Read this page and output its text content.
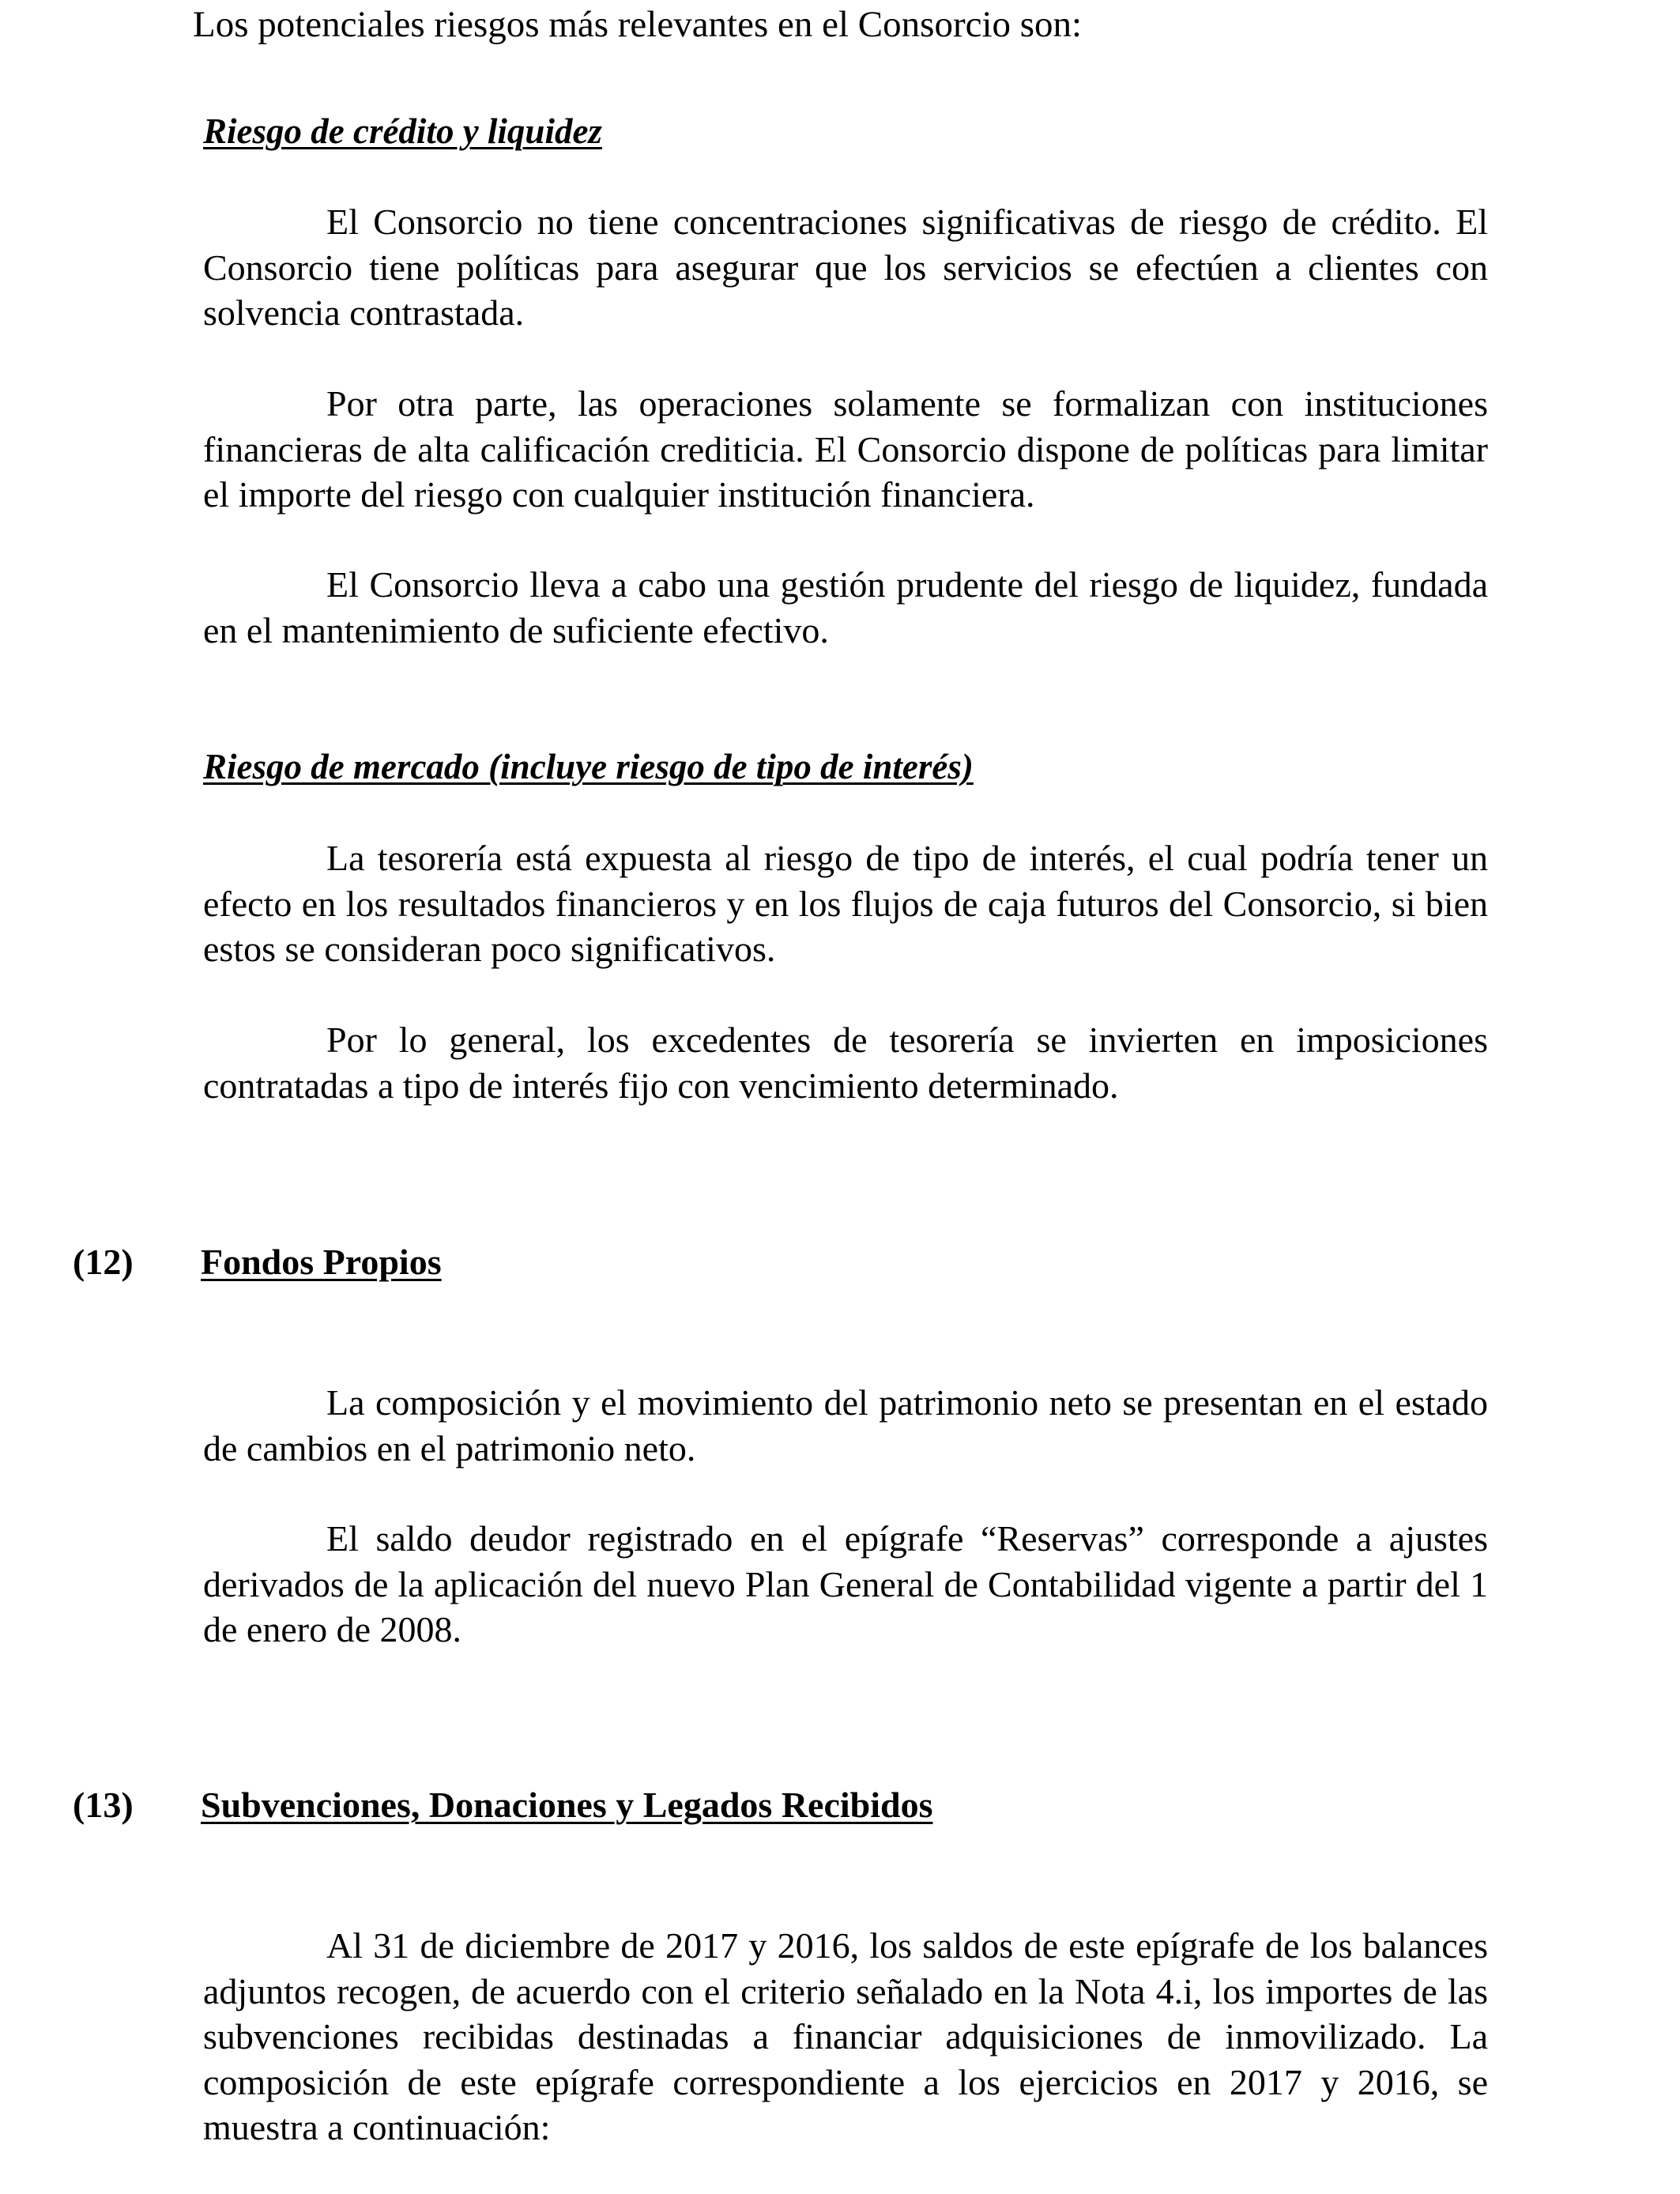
Los potenciales riesgos más relevantes en el Consorcio son:

Riesgo de crédito y liquidez

El Consorcio no tiene concentraciones significativas de riesgo de crédito. El Consorcio tiene políticas para asegurar que los servicios se efectúen a clientes con solvencia contrastada.

Por otra parte, las operaciones solamente se formalizan con instituciones financieras de alta calificación crediticia. El Consorcio dispone de políticas para limitar el importe del riesgo con cualquier institución financiera.

El Consorcio lleva a cabo una gestión prudente del riesgo de liquidez, fundada en el mantenimiento de suficiente efectivo.

Riesgo de mercado (incluye riesgo de tipo de interés)

La tesorería está expuesta al riesgo de tipo de interés, el cual podría tener un efecto en los resultados financieros y en los flujos de caja futuros del Consorcio, si bien estos se consideran poco significativos.

Por lo general, los excedentes de tesorería se invierten en imposiciones contratadas a tipo de interés fijo con vencimiento determinado.

(12) Fondos Propios

La composición y el movimiento del patrimonio neto se presentan en el estado de cambios en el patrimonio neto.

El saldo deudor registrado en el epígrafe “Reservas” corresponde a ajustes derivados de la aplicación del nuevo Plan General de Contabilidad vigente a partir del 1 de enero de 2008.

(13) Subvenciones, Donaciones y Legados Recibidos

Al 31 de diciembre de 2017 y 2016, los saldos de este epígrafe de los balances adjuntos recogen, de acuerdo con el criterio señalado en la Nota 4.i, los importes de las subvenciones recibidas destinadas a financiar adquisiciones de inmovilizado. La composición de este epígrafe correspondiente a los ejercicios en 2017 y 2016, se muestra a continuación:
